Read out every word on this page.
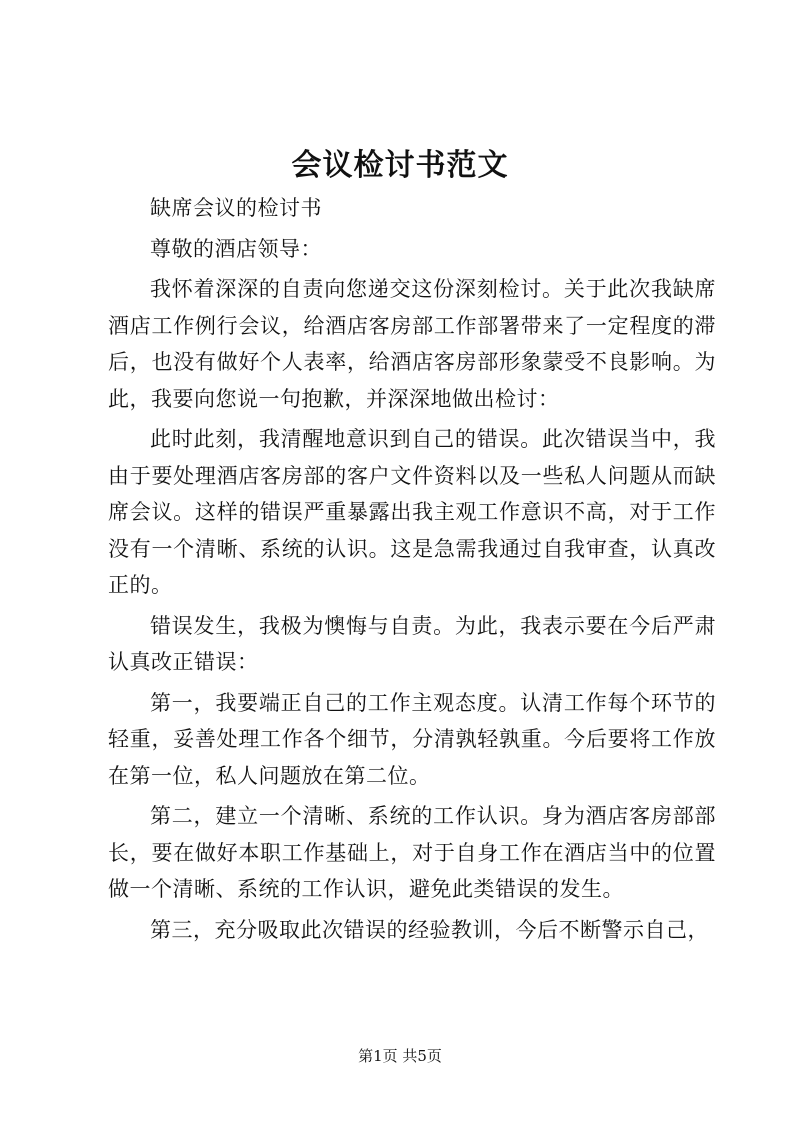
会议检讨书范文

缺席会议的检讨书

尊敬的酒店领导：

我怀着深深的自责向您递交这份深刻检讨。关于此次我缺席酒店工作例行会议，给酒店客房部工作部署带来了一定程度的滞后，也没有做好个人表率，给酒店客房部形象蒙受不良影响。为此，我要向您说一句抱歉，并深深地做出检讨：

此时此刻，我清醒地意识到自己的错误。此次错误当中，我由于要处理酒店客房部的客户文件资料以及一些私人问题从而缺席会议。这样的错误严重暴露出我主观工作意识不高，对于工作没有一个清晰、系统的认识。这是急需我通过自我审查，认真改正的。

错误发生，我极为懊悔与自责。为此，我表示要在今后严肃认真改正错误：

第一，我要端正自己的工作主观态度。认清工作每个环节的轻重，妥善处理工作各个细节，分清孰轻孰重。今后要将工作放在第一位，私人问题放在第二位。

第二，建立一个清晰、系统的工作认识。身为酒店客房部部长，要在做好本职工作基础上，对于自身工作在酒店当中的位置做一个清晰、系统的工作认识，避免此类错误的发生。

第三，充分吸取此次错误的经验教训，今后不断警示自己，

第1页 共5页
